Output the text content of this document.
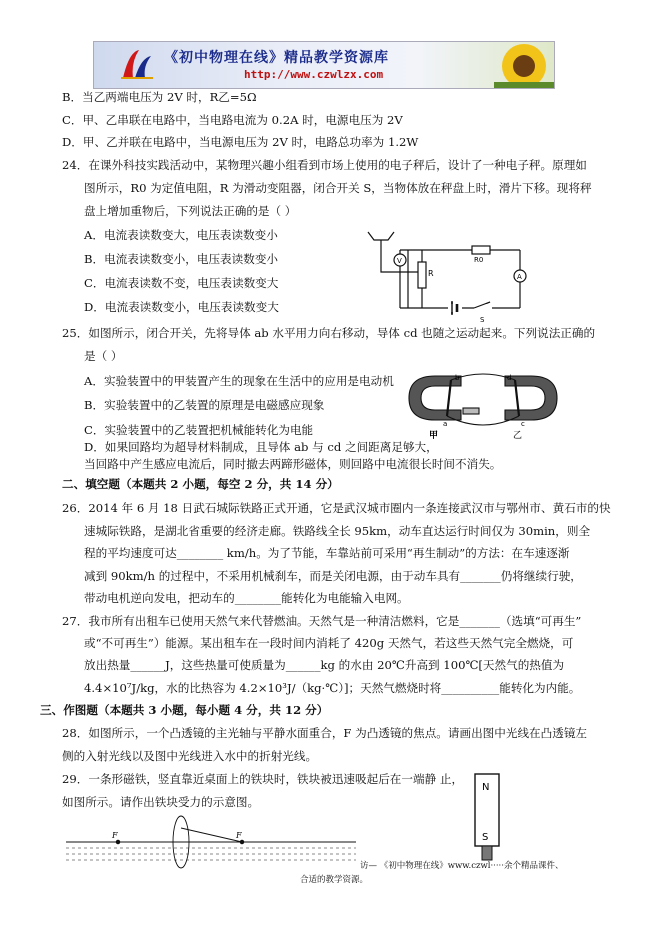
《初中物理在线》精品教学资源库
http://www.czwlzx.com
B．当乙两端电压为 2V 时，R乙=5Ω
C．甲、乙串联在电路中，当电路电流为 0.2A 时，电源电压为 2V
D．甲、乙并联在电路中，当电源电压为 2V 时，电路总功率为 1.2W
24．在课外科技实践活动中，某物理兴趣小组看到市场上使用的电子秤后，设计了一种电子秤。原理如
图所示，R0 为定值电阻，R 为滑动变阻器，闭合开关 S，当物体放在秤盘上时，滑片下移。现将秤
盘上增加重物后，下列说法正确的是（ ）
A．电流表读数变大，电压表读数变小
B．电流表读数变小，电压表读数变小
C．电流表读数不变，电压表读数变大
D．电流表读数变小，电压表读数变大
25．如图所示，闭合开关，先将导体 ab 水平用力向右移动，导体 cd 也随之运动起来。下列说法正确的
是（ ）
A．实验装置中的甲装置产生的现象在生活中的应用是电动机
B．实验装置中的乙装置的原理是电磁感应现象
C．实验装置中的乙装置把机械能转化为电能
D．如果回路均为超导材料制成，且导体 ab 与 cd 之间距离足够大，
当回路中产生感应电流后，同时撤去两蹄形磁体，则回路中电流很长时间不消失。
二、填空题（本题共 2 小题，每空 2 分，共 14 分）
26．2014 年 6 月 18 日武石城际铁路正式开通，它是武汉城市圈内一条连接武汉市与鄂州市、黄石市的快
速城际铁路，是湖北省重要的经济走廊。铁路线全长 95km，动车直达运行时间仅为 30min，则全
程的平均速度可达________ km/h。为了节能，车靠站前可采用“再生制动”的方法：在车速逐渐
减到 90km/h 的过程中，不采用机械刹车，而是关闭电源，由于动车具有_______仍将继续行驶，
带动电机逆向发电，把动车的________能转化为电能输入电网。
27．我市所有出租车已使用天然气来代替燃油。天然气是一种清洁燃料，它是_______（选填“可再生”
或“不可再生”）能源。某出租车在一段时间内消耗了 420g 天然气，若这些天然气完全燃烧，可
放出热量______J，这些热量可使质量为______kg 的水由 20℃升高到 100℃[天然气的热值为
4.4×10⁷J/kg，水的比热容为 4.2×10³J/（kg·℃）]；天然气燃烧时将__________能转化为内能。
三、作图题（本题共 3 小题，每小题 4 分，共 12 分）
28．如图所示，一个凸透镜的主光轴与平静水面重合，F 为凸透镜的焦点。请画出图中光线在凸透镜左
侧的入射光线以及图中光线进入水中的折射光线。
29．一条形磁铁，竖直靠近桌面上的铁块时，铁块被迅速吸起后在一端静 止，
如图所示。请作出铁块受力的示意图。
访— 《初中物理在线》www.czwl·····余个精品课件、
合适的教学资源。
R0
R
V
A
S
a
b
c
d
甲	乙
F	F
N
S
